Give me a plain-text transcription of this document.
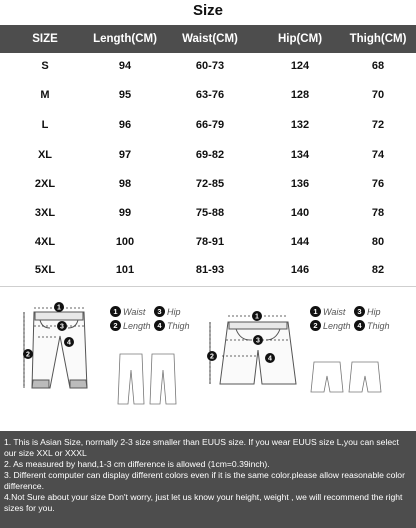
Size
SIZE	Length(CM)	Waist(CM)	Hip(CM)	Thigh(CM)
S	94	60-73	124	68
M	95	63-76	128	70
L	96	66-79	132	72
XL	97	69-82	134	74
2XL	98	72-85	136	76
3XL	99	75-88	140	78
4XL	100	78-91	144	80
5XL	101	81-93	146	82
1
2
3
4
1
2
3
4
1 Waist	3 Hip
2 Length 4 Thigh
1 Waist	3 Hip
2 Length 4 Thigh

1. This is Asian Size, normally 2-3 size smaller than EUUS size. If you wear EUUS size L,you can select our size XXL or XXXL

2. As measured by hand,1-3 cm difference is allowed (1cm=0.39inch).

3. Different computer can display different colors even if it is the same color.please allow reasonable color difference.

4.Not Sure about your size Don't worry, just let us know your height, weight , we will recommend the right sizes for you.
